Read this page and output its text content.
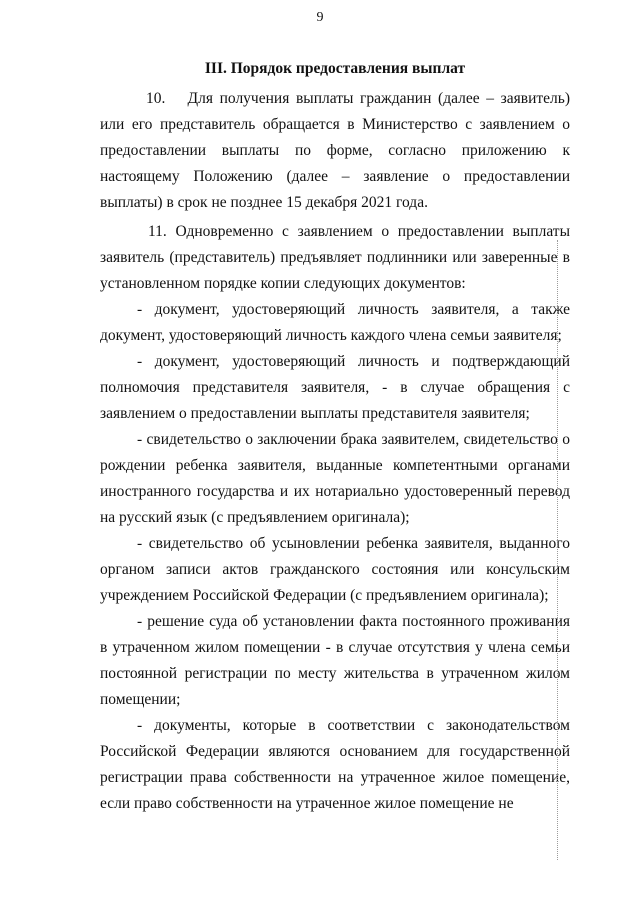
9
III. Порядок предоставления выплат

10.  Для получения выплаты гражданин (далее – заявитель) или его представитель обращается в Министерство с заявлением о предоставлении выплаты по форме, согласно приложению к настоящему Положению (далее – заявление о предоставлении выплаты) в срок не позднее 15 декабря 2021 года.

11. Одновременно с заявлением о предоставлении выплаты заявитель (представитель) предъявляет подлинники или заверенные в установленном порядке копии следующих документов:

- документ, удостоверяющий личность заявителя, а также документ, удостоверяющий личность каждого члена семьи заявителя;

- документ, удостоверяющий личность и подтверждающий полномочия представителя заявителя, - в случае обращения с заявлением о предоставлении выплаты представителя заявителя;

- свидетельство о заключении брака заявителем, свидетельство о рождении ребенка заявителя, выданные компетентными органами иностранного государства и их нотариально удостоверенный перевод на русский язык (с предъявлением оригинала);

- свидетельство об усыновлении ребенка заявителя, выданного органом записи актов гражданского состояния или консульским учреждением Российской Федерации (с предъявлением оригинала);

- решение суда об установлении факта постоянного проживания в утраченном жилом помещении - в случае отсутствия у члена семьи постоянной регистрации по месту жительства в утраченном жилом помещении;

- документы, которые в соответствии с законодательством Российской Федерации являются основанием для государственной регистрации права собственности на утраченное жилое помещение, если право собственности на утраченное жилое помещение не
